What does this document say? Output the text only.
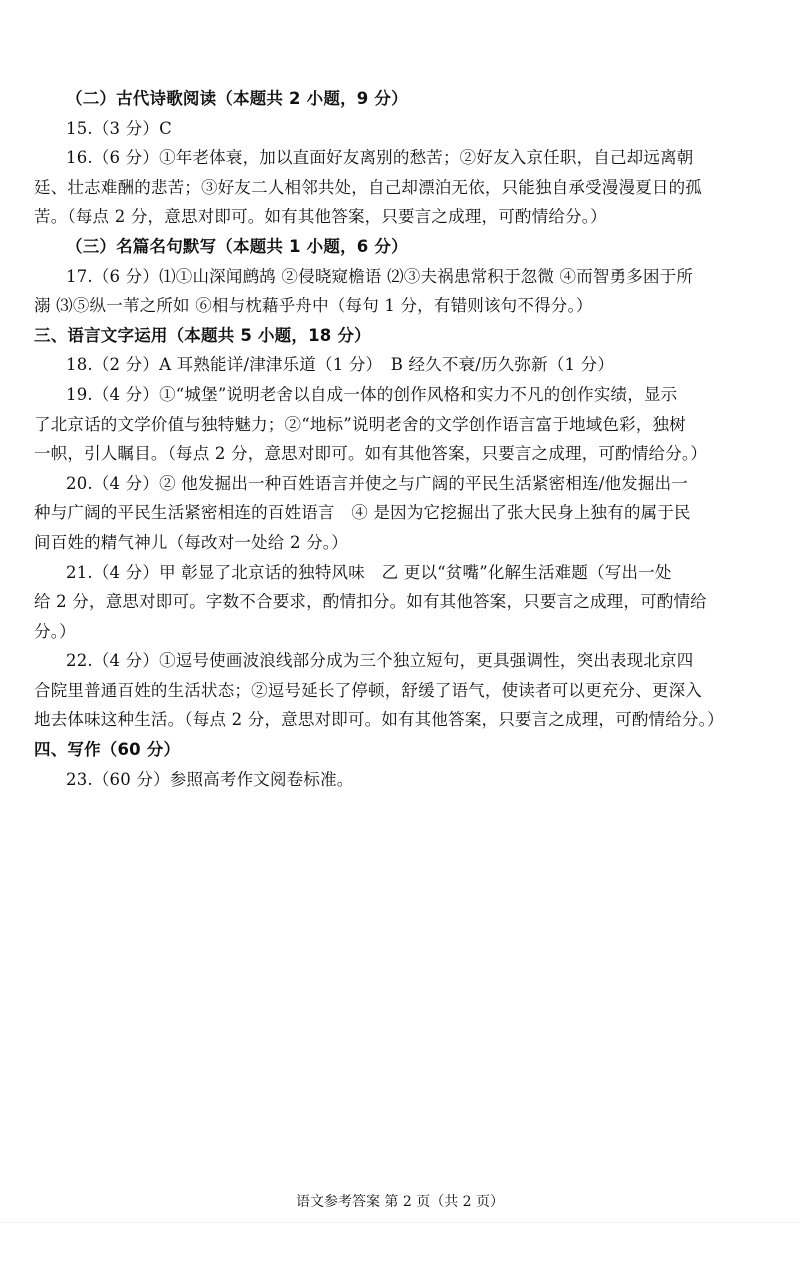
（二）古代诗歌阅读（本题共 2 小题，9 分）
15.（3 分）C
16.（6 分）①年老体衰，加以直面好友离别的愁苦；②好友入京任职，自己却远离朝
廷、壮志难酬的悲苦；③好友二人相邻共处，自己却漂泊无依，只能独自承受漫漫夏日的孤
苦。（每点 2 分，意思对即可。如有其他答案，只要言之成理，可酌情给分。）
（三）名篇名句默写（本题共 1 小题，6 分）
17.（6 分）⑴①山深闻鹧鸪 ②侵晓窥檐语 ⑵③夫祸患常积于忽微 ④而智勇多困于所
溺 ⑶⑤纵一苇之所如 ⑥相与枕藉乎舟中（每句 1 分，有错则该句不得分。）
三、语言文字运用（本题共 5 小题，18 分）
18.（2 分）A 耳熟能详/津津乐道（1 分）　B 经久不衰/历久弥新（1 分）
19.（4 分）①“城堡”说明老舍以自成一体的创作风格和实力不凡的创作实绩，显示
了北京话的文学价值与独特魅力；②“地标”说明老舍的文学创作语言富于地域色彩，独树
一帜，引人瞩目。（每点 2 分，意思对即可。如有其他答案，只要言之成理，可酌情给分。）
20.（4 分）② 他发掘出一种百姓语言并使之与广阔的平民生活紧密相连/他发掘出一
种与广阔的平民生活紧密相连的百姓语言　④ 是因为它挖掘出了张大民身上独有的属于民
间百姓的精气神儿（每改对一处给 2 分。）
21.（4 分）甲 彰显了北京话的独特风味　乙 更以“贫嘴”化解生活难题（写出一处
给 2 分，意思对即可。字数不合要求，酌情扣分。如有其他答案，只要言之成理，可酌情给
分。）
22.（4 分）①逗号使画波浪线部分成为三个独立短句，更具强调性，突出表现北京四
合院里普通百姓的生活状态；②逗号延长了停顿，舒缓了语气，使读者可以更充分、更深入
地去体味这种生活。（每点 2 分，意思对即可。如有其他答案，只要言之成理，可酌情给分。）
四、写作（60 分）
23.（60 分）参照高考作文阅卷标准。
语文参考答案 第 2 页（共 2 页）
